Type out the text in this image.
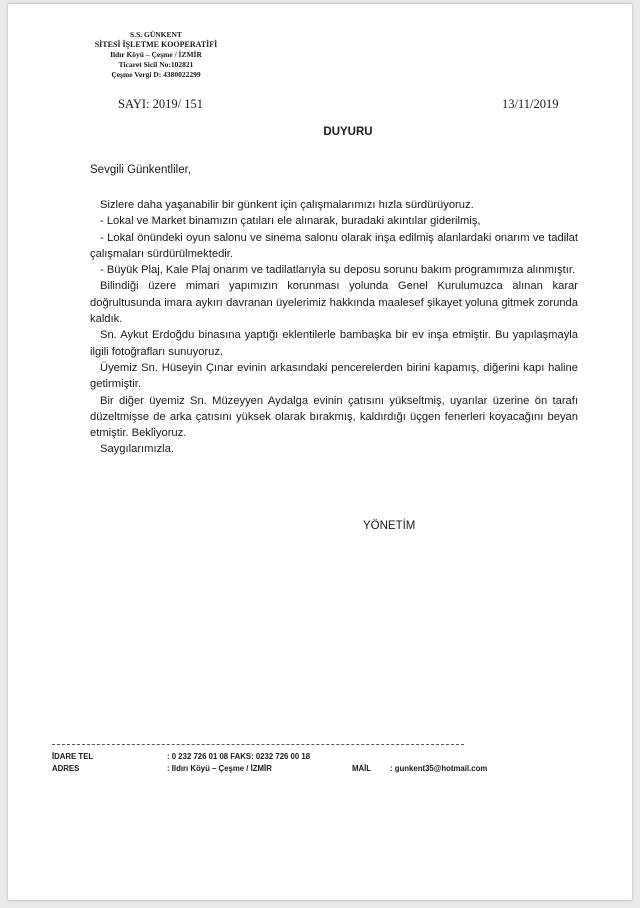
S.S. GÜNKENT
SİTESİ İŞLETME KOOPERATİFİ
Ildır Köyü – Çeşme / İZMİR
Ticaret Sicil No:102821
Çeşme Vergi D: 4380022299
SAYI: 2019/ 151	13/11/2019
DUYURU
Sevgili Günkentliler,

Sizlere daha yaşanabilir bir günkent için çalışmalarımızı hızla sürdürüyoruz.

- Lokal ve Market binamızın çatıları ele alınarak, buradaki akıntılar giderilmiş,

- Lokal önündeki oyun salonu ve sinema salonu olarak inşa edilmiş alanlardaki onarım ve tadilat çalışmaları sürdürülmektedir.

- Büyük Plaj, Kale Plaj onarım ve tadilatlarıyla su deposu sorunu bakım programımıza alınmıştır.

Bilindiği üzere mimari yapımızın korunması yolunda Genel Kurulumuzca alınan karar doğrultusunda imara aykırı davranan üyelerimiz hakkında maalesef şikayet yoluna gitmek zorunda kaldık.

Sn. Aykut Erdoğdu binasına yaptığı eklentilerle bambaşka bir ev inşa etmiştir. Bu yapılaşmayla ilgili fotoğrafları sunuyoruz.

Üyemiz Sn. Hüseyin Çınar evinin arkasındaki pencerelerden birini kapamış, diğerini kapı haline getirmiştir.

Bir diğer üyemiz Sn. Müzeyyen Aydalga evinin çatısını yükseltmiş, uyarılar üzerine ön tarafı düzeltmişse de arka çatısını yüksek olarak bırakmış, kaldırdığı üçgen fenerleri koyacağını beyan etmiştir. Bekliyoruz.

Saygılarımızla.
YÖNETİM
İDARE TEL	: 0 232 726 01 08 FAKS: 0232 726 00 18
ADRES	: Ildırı Köyü – Çeşme / İZMİR	MAİL : gunkent35@hotmail.com
